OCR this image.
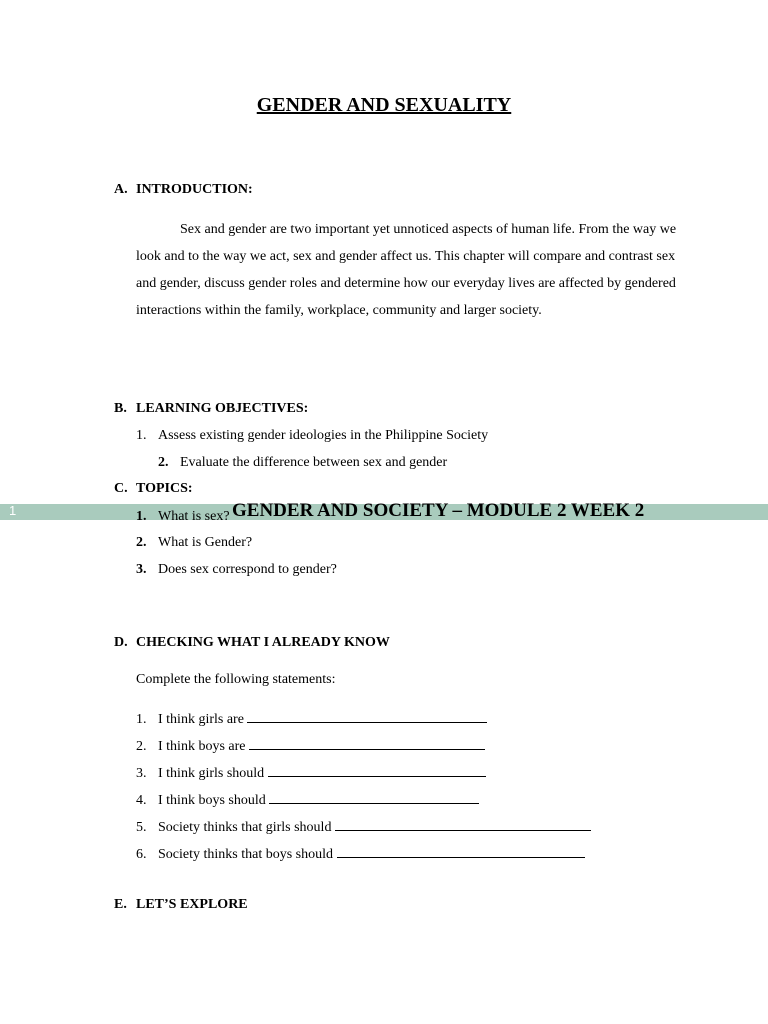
GENDER AND SEXUALITY
A. INTRODUCTION:
Sex and gender are two important yet unnoticed aspects of human life. From the way we look and to the way we act, sex and gender affect us. This chapter will compare and contrast sex and gender, discuss gender roles and determine how our everyday lives are affected by gendered interactions within the family, workplace, community and larger society.
B. LEARNING OBJECTIVES:
1. Assess existing gender ideologies in the Philippine Society
2. Evaluate the difference between sex and gender
C. TOPICS:
1	1. What is sex? GENDER AND SOCIETY – MODULE 2 WEEK 2
2. What is Gender?
3. Does sex correspond to gender?
D. CHECKING WHAT I ALREADY KNOW
Complete the following statements:
1. I think girls are
2. I think boys are
3. I think girls should
4. I think boys should
5. Society thinks that girls should
6. Society thinks that boys should
E. LET’S EXPLORE
